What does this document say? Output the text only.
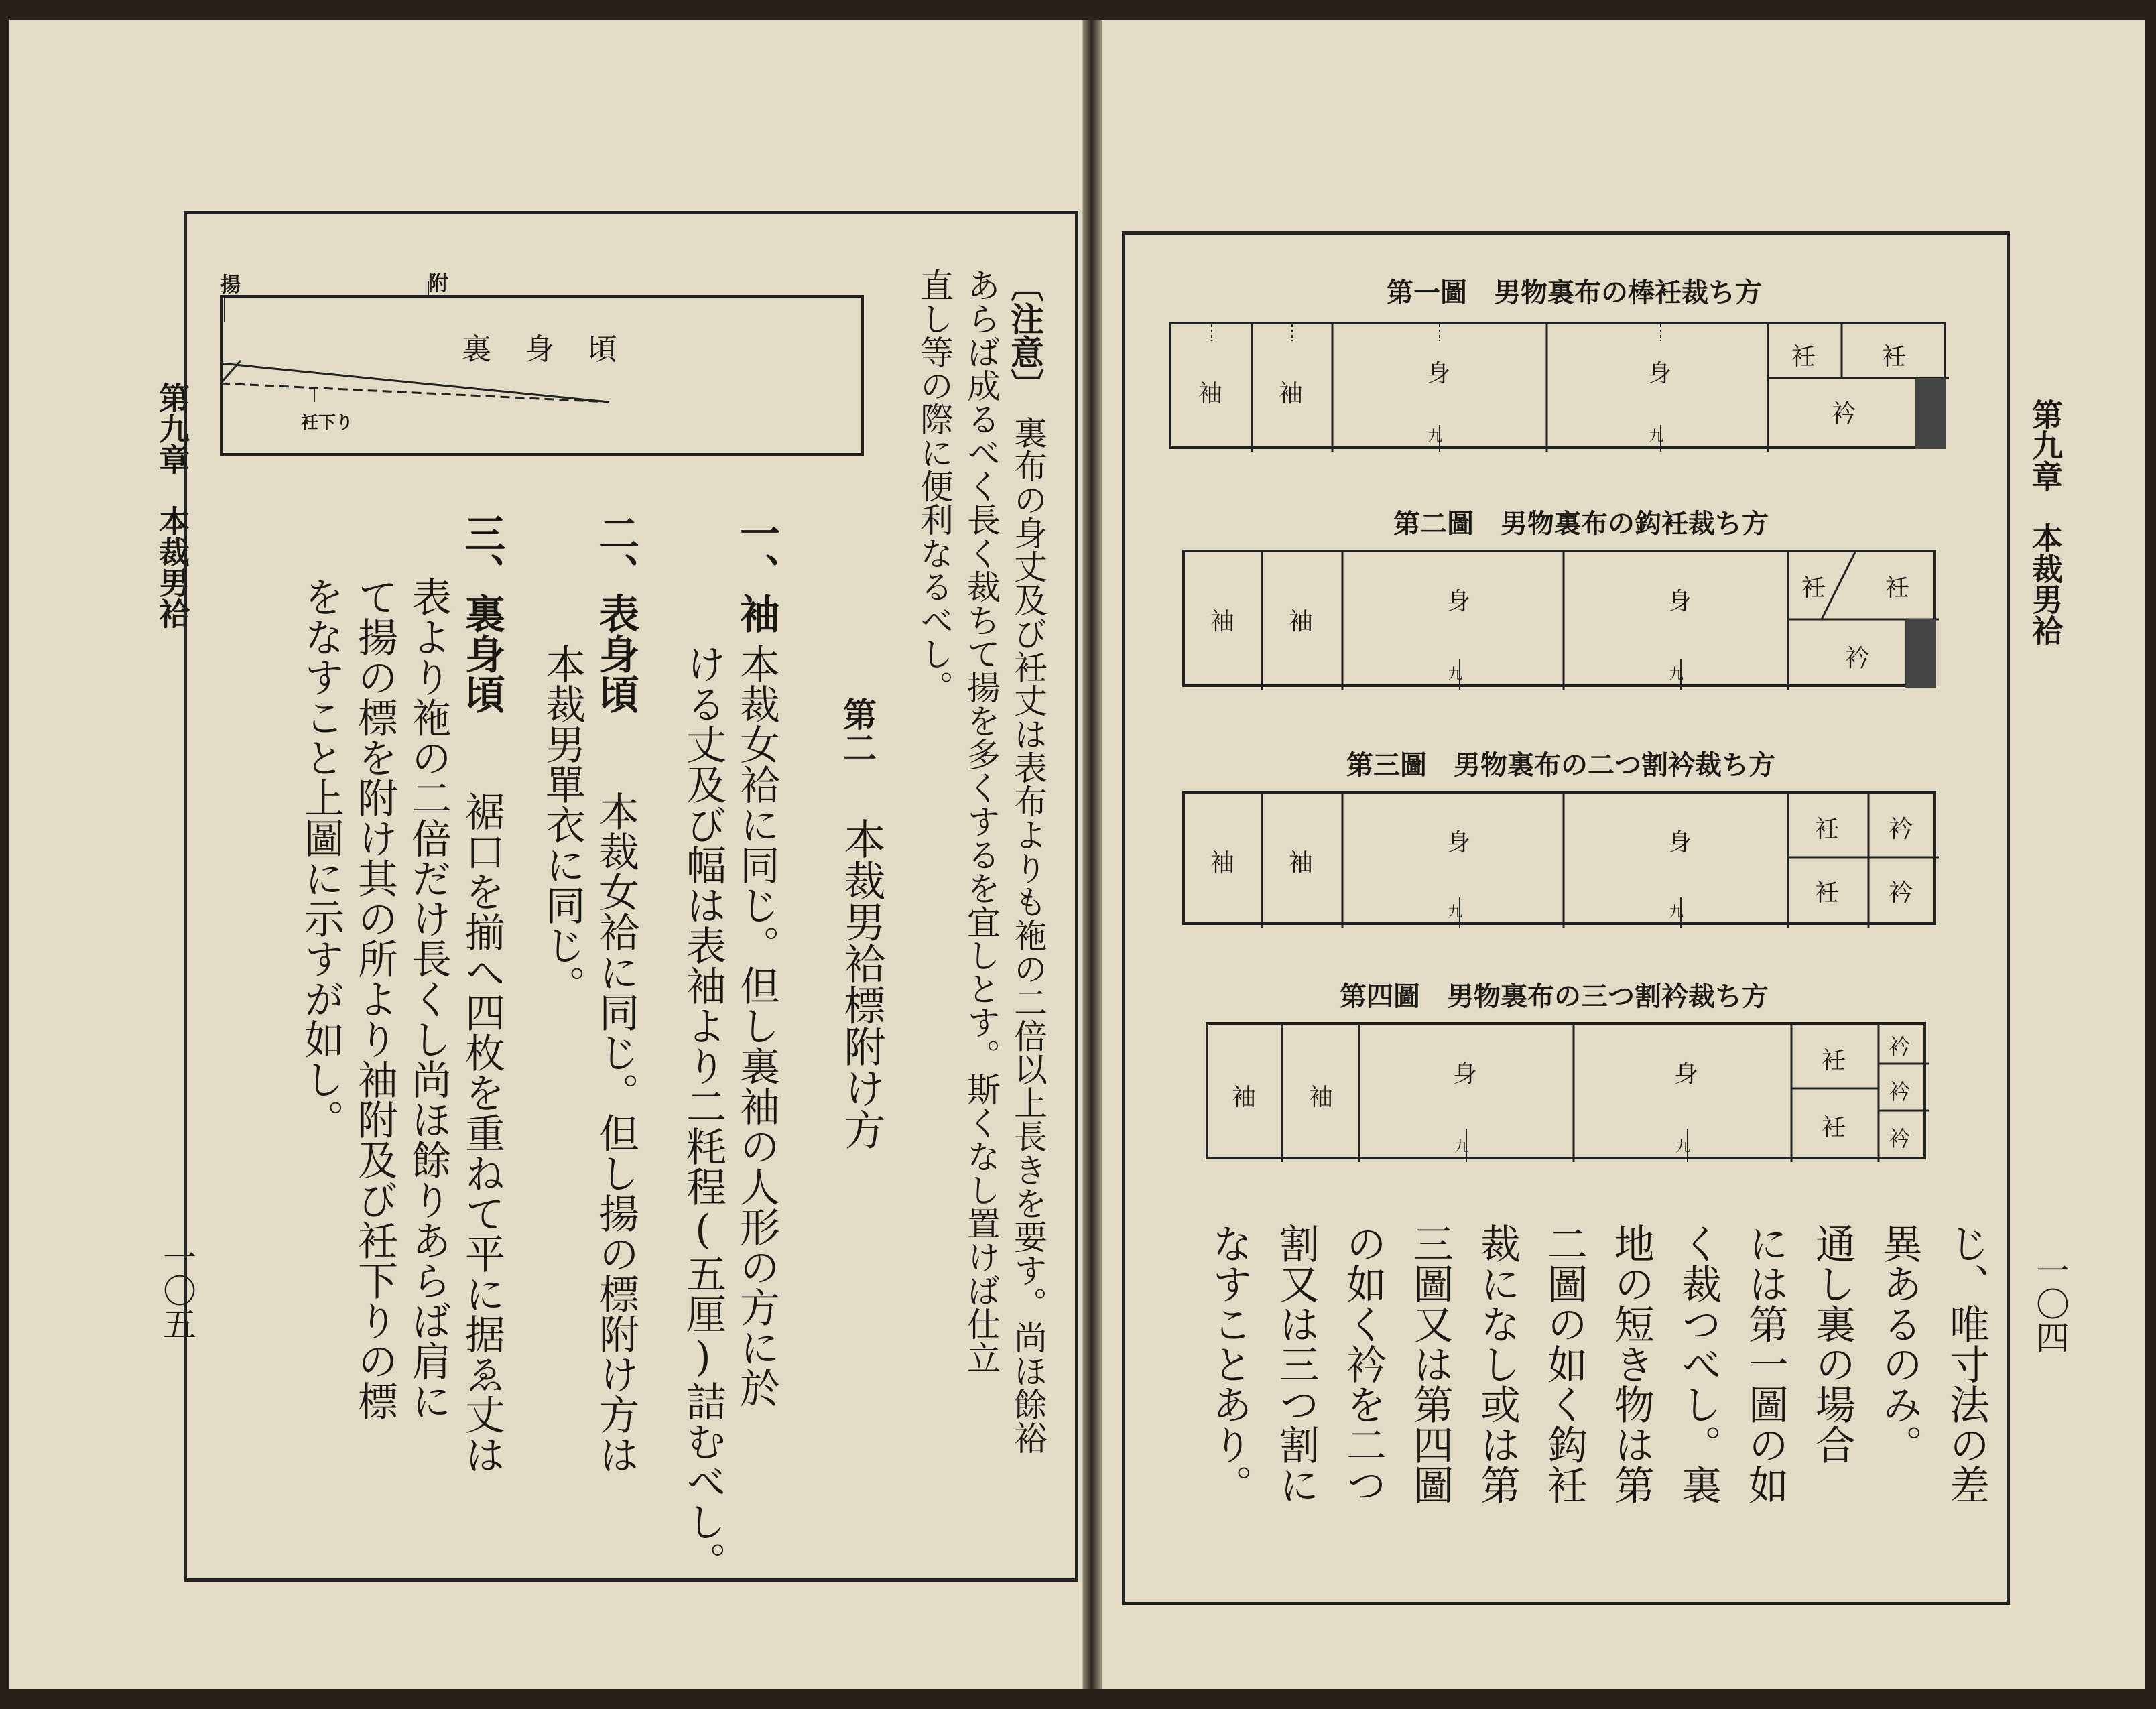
第九章　本裁男袷
一〇五
揚	附
衽下り
裏身頃	〔注意〕
裏布の身丈及び衽丈は表布よりも袘の二倍以上長きを要す。尚ほ餘裕
あらば成るべく長く裁ちて揚を多くするを宜しとす。斯くなし置けば仕立
直し等の際に便利なるべし。
第二
本裁男袷標附け方
一、袖
本裁女袷に同じ。但し裏袖の人形の方に於
ける丈及び幅は表袖より二粍程(五厘)詰むべし。
二、表身頃
本裁女袷に同じ。但し揚の標附け方は
本裁男單衣に同じ。
三、裏身頃
裾口を揃へ四枚を重ねて平に据ゑ丈は
表より袘の二倍だけ長くし尚ほ餘りあらば肩に
て揚の標を附け其の所より袖附及び衽下りの標
をなすこと上圖に示すが如し。
第九章　本裁男袷
一〇四
第一圖　男物裏布の棒衽裁ち方
袖 袖
身	身
衽	衽
衿
九	九
第二圖　男物裏布の鈎衽裁ち方
袖 袖
身	身	衽 衽
衿
九	九
第三圖　男物裏布の二つ割衿裁ち方
袖 袖
身	身	衽 衿
衽 衿
九	九
第四圖　男物裏布の三つ割衿裁ち方
袖 袖
身	身	衽 衿
衿
衽 衿
九	九
じ、唯寸法の差
異あるのみ。
通し裏の場合
には第一圖の如
く裁つべし。裏
地の短き物は第
二圖の如く鈎衽
裁になし或は第
三圖又は第四圖
の如く衿を二つ
割又は三つ割に
なすことあり。
